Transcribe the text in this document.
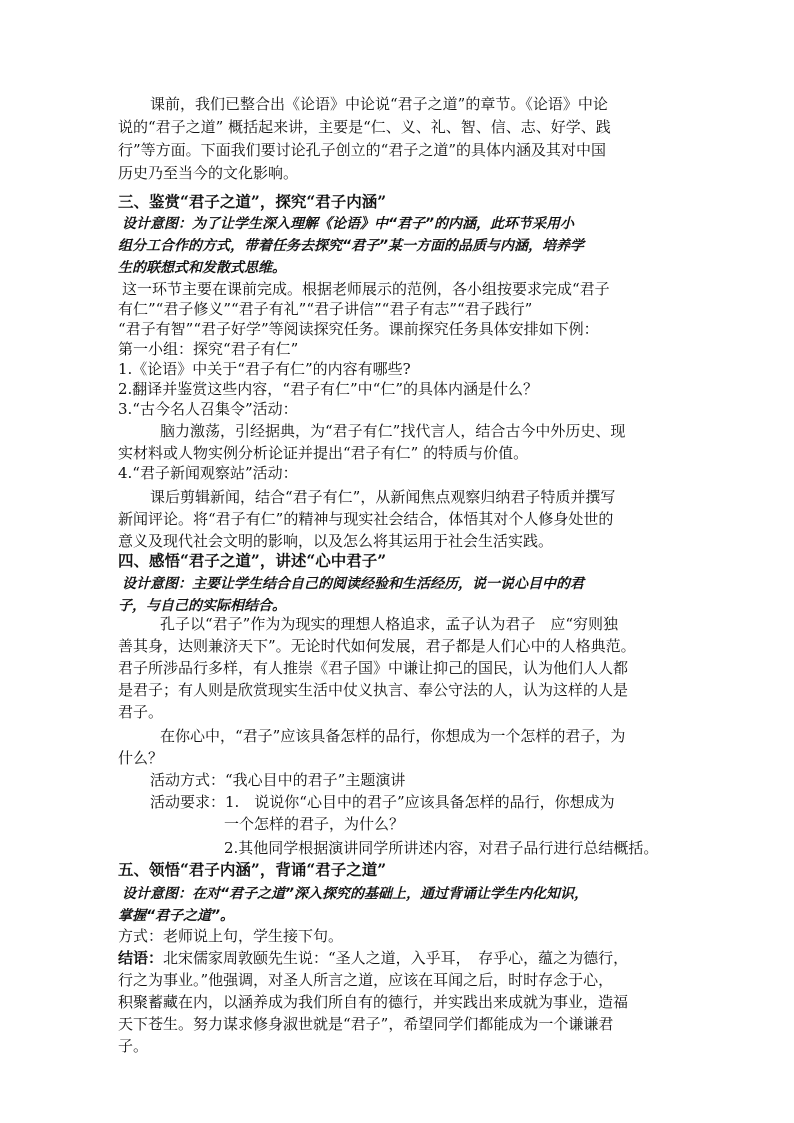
课前，我们已整合出《论语》中论说“君子之道”的章节。《论语》中论
说的“君子之道” 概括起来讲，主要是“仁、义、礼、智、信、志、好学、践
行”等方面。下面我们要讨论孔子创立的“君子之道”的具体内涵及其对中国
历史乃至当今的文化影响。
三、鉴赏“君子之道”，探究“君子内涵”
设计意图：为了让学生深入理解《论语》中“君子”的内涵，此环节采用小
组分工合作的方式，带着任务去探究“君子”某一方面的品质与内涵，培养学
生的联想式和发散式思维。
这一环节主要在课前完成。根据老师展示的范例，各小组按要求完成“君子
有仁”“君子修义”“君子有礼”“君子讲信”“君子有志”“君子践行”
“君子有智”“君子好学”等阅读探究任务。课前探究任务具体安排如下例：
第一小组：探究“君子有仁”
1.《论语》中关于“君子有仁”的内容有哪些?
2.翻译并鉴赏这些内容，“君子有仁”中“仁”的具体内涵是什么？
3.“古今名人召集令”活动：
脑力激荡，引经据典，为“君子有仁”找代言人，结合古今中外历史、现
实材料或人物实例分析论证并提出“君子有仁” 的特质与价值。
4.“君子新闻观察站”活动：
课后剪辑新闻，结合“君子有仁”，从新闻焦点观察归纳君子特质并撰写
新闻评论。将“君子有仁”的精神与现实社会结合，体悟其对个人修身处世的
意义及现代社会文明的影响，以及怎么将其运用于社会生活实践。
四、感悟“君子之道”，讲述“心中君子”
设计意图：主要让学生结合自己的阅读经验和生活经历，说一说心目中的君
子，与自己的实际相结合。
孔子以“君子”作为为现实的理想人格追求，孟子认为君子　应“穷则独
善其身，达则兼济天下”。无论时代如何发展，君子都是人们心中的人格典范。
君子所涉品行多样，有人推崇《君子国》中谦让抑己的国民，认为他们人人都
是君子；有人则是欣赏现实生活中仗义执言、奉公守法的人，认为这样的人是
君子。
在你心中，“君子”应该具备怎样的品行，你想成为一个怎样的君子，为
什么？
活动方式：“我心目中的君子”主题演讲
活动要求：1.　说说你“心目中的君子”应该具备怎样的品行，你想成为
一个怎样的君子，为什么？
2.其他同学根据演讲同学所讲述内容，对君子品行进行总结概括。
五、领悟“君子内涵”，背诵“君子之道”
设计意图：在对“君子之道”深入探究的基础上，通过背诵让学生内化知识，
掌握“君子之道”。
方式：老师说上句，学生接下句。
结语：北宋儒家周敦颐先生说：“圣人之道，入乎耳，　存乎心，蕴之为德行，
行之为事业。”他强调，对圣人所言之道，应该在耳闻之后，时时存念于心，
积聚蓄藏在内，以涵养成为我们所自有的德行，并实践出来成就为事业，造福
天下苍生。努力谋求修身淑世就是“君子”，希望同学们都能成为一个谦谦君
子。
